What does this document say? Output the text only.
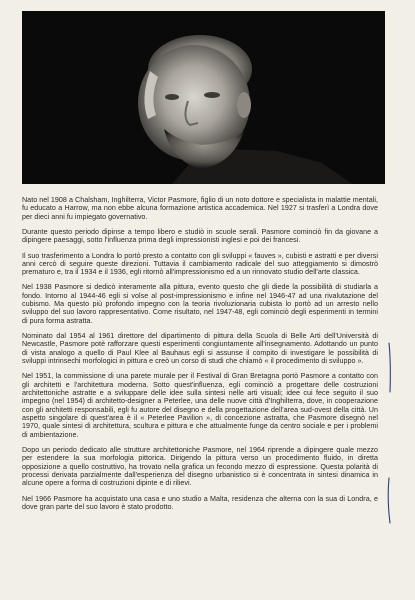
Nato nel 1908 a Chalsham, Inghilterra, Victor Pasmore, figlio di un noto dottore e specialista in malattie mentali, fu educato a Harrow, ma non ebbe alcuna formazione artistica accademica. Nel 1927 si trasferì a Londra dove per dieci anni fu impiegato governativo.

Durante questo periodo dipinse a tempo libero e studiò in scuole serali. Pasmore cominciò fin da giovane a dipingere paesaggi, sotto l'influenza prima degli impressionisti inglesi e poi dei francesi.

Il suo trasferimento a Londra lo portò presto a contatto con gli sviluppi « fauves », cubisti e astratti e per diversi anni cercò di seguire queste direzioni. Tuttavia il cambiamento radicale del suo atteggiamento si dimostrò prematuro e, tra il 1934 e il 1936, egli ritornò all'impressionismo ed a un rinnovato studio dell'arte classica.

Nel 1938 Pasmore si dedicò interamente alla pittura, evento questo che gli diede la possibilità di studiarla a fondo. Intorno al 1944-46 egli si volse al post-impressionismo e infine nel 1946-47 ad una rivalutazione del cubismo. Ma questo più profondo impegno con la teoria rivoluzionaria cubista lo portò ad un arresto nello sviluppo del suo lavoro rappresentativo. Come risultato, nel 1947-48, egli cominciò degli esperimenti in termini di pura forma astratta.

Nominato dal 1954 al 1961 direttore del dipartimento di pittura della Scuola di Belle Arti dell'Università di Newcastle, Pasmore potè rafforzare questi esperimenti congiuntamente all'insegnamento. Adottando un punto di vista analogo a quello di Paul Klee al Bauhaus egli si assunse il compito di investigare le possibilità di sviluppi intrinsechi morfologici in pittura e creò un corso di studi che chiamò « il procedimento di sviluppo ».

Nel 1951, la commissione di una parete murale per il Festival di Gran Bretagna portò Pasmore a contatto con gli architetti e l'architettura moderna. Sotto quest'influenza, egli cominciò a progettare delle costruzioni architettoniche astratte e a sviluppare delle idee sulla sintesi nelle arti visuali; idee cui fece seguito il suo impegno (nel 1954) di architetto-designer a Peterlee, una delle nuove città d'Inghilterra, dove, in cooperazione con gli architetti responsabili, egli fu autore del disegno e della progettazione dell'area sud-ovest della città. Un aspetto singolare di quest'area è il « Peterlee Pavilion », di concezione astratta, che Pasmore disegnò nel 1970, quale sintesi di architettura, scultura e pittura e che attualmente funge da centro sociale e per i problemi di ambientazione.

Dopo un periodo dedicato alle strutture architettoniche Pasmore, nel 1964 riprende a dipingere quale mezzo per estendere la sua morfologia pittorica. Dirigendo la pittura verso un procedimento fluido, in diretta opposizione a quello costruttivo, ha trovato nella grafica un fecondo mezzo di espressione. Questa polarità di processi derivata parzialmente dall'esperienza del disegno urbanistico si è concentrata in sintesi dinamica in alcune opere a forma di costruzioni dipinte e di rilievi.

Nel 1966 Pasmore ha acquistato una casa e uno studio a Malta, residenza che alterna con la sua di Londra, e dove gran parte del suo lavoro è stato prodotto.
